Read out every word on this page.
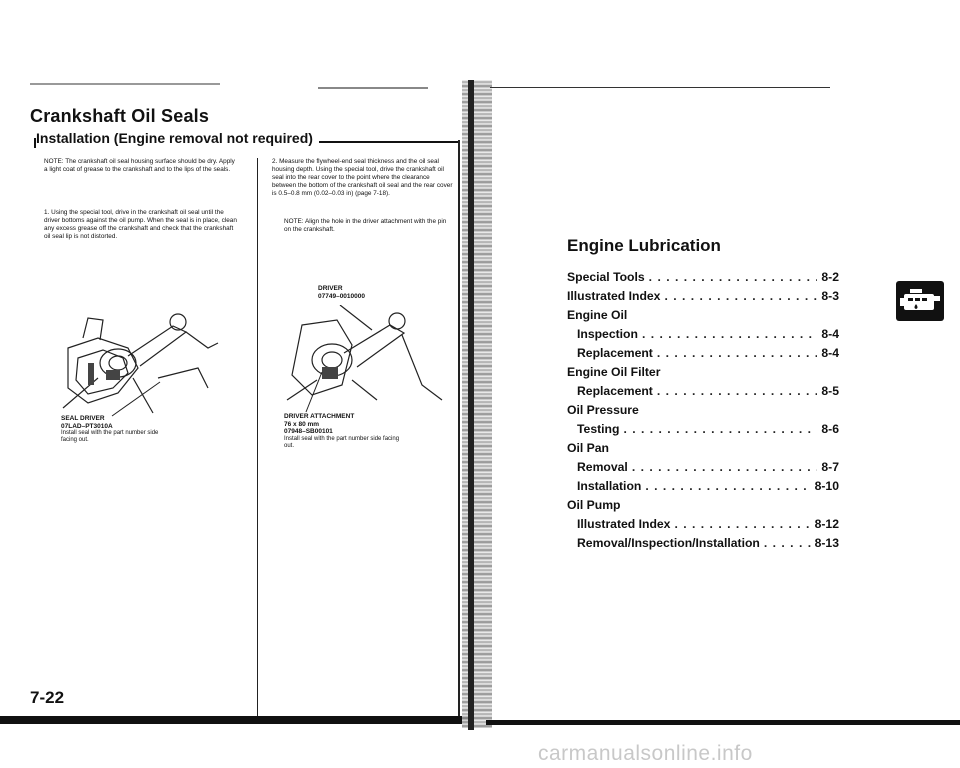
Crankshaft Oil Seals
Installation (Engine removal not required)
NOTE: The crankshaft oil seal housing surface should be dry. Apply a light coat of grease to the crankshaft and to the lips of the seals.
1. Using the special tool, drive in the crankshaft oil seal until the driver bottoms against the oil pump. When the seal is in place, clean any excess grease off the crankshaft and check that the crankshaft oil seal lip is not distorted.
2. Measure the flywheel-end seal thickness and the oil seal housing depth. Using the special tool, drive the crankshaft oil seal into the rear cover to the point where the clearance between the bottom of the crankshaft oil seal and the rear cover is 0.5–0.8 mm (0.02–0.03 in) (page 7-18).
NOTE: Align the hole in the driver attachment with the pin on the crankshaft.
SEAL DRIVER
07LAD–PT3010A
Install seal with the part number side facing out.
DRIVER
07749–0010000
DRIVER ATTACHMENT
76 x 80 mm
07948–SB00101
Install seal with the part number side facing out.
7-22
Engine Lubrication
Special Tools . . .	8-2
Illustrated Index . . .	8-3
Engine Oil
Inspection . . .	8-4
Replacement . . .	8-4
Engine Oil Filter
Replacement . . .	8-5
Oil Pressure
Testing . . .	8-6
Oil Pan
Removal . . .	8-7
Installation . . .	8-10
Oil Pump
Illustrated Index . . .	8-12
Removal/Inspection/Installation . . .	8-13
carmanualsonline.info
